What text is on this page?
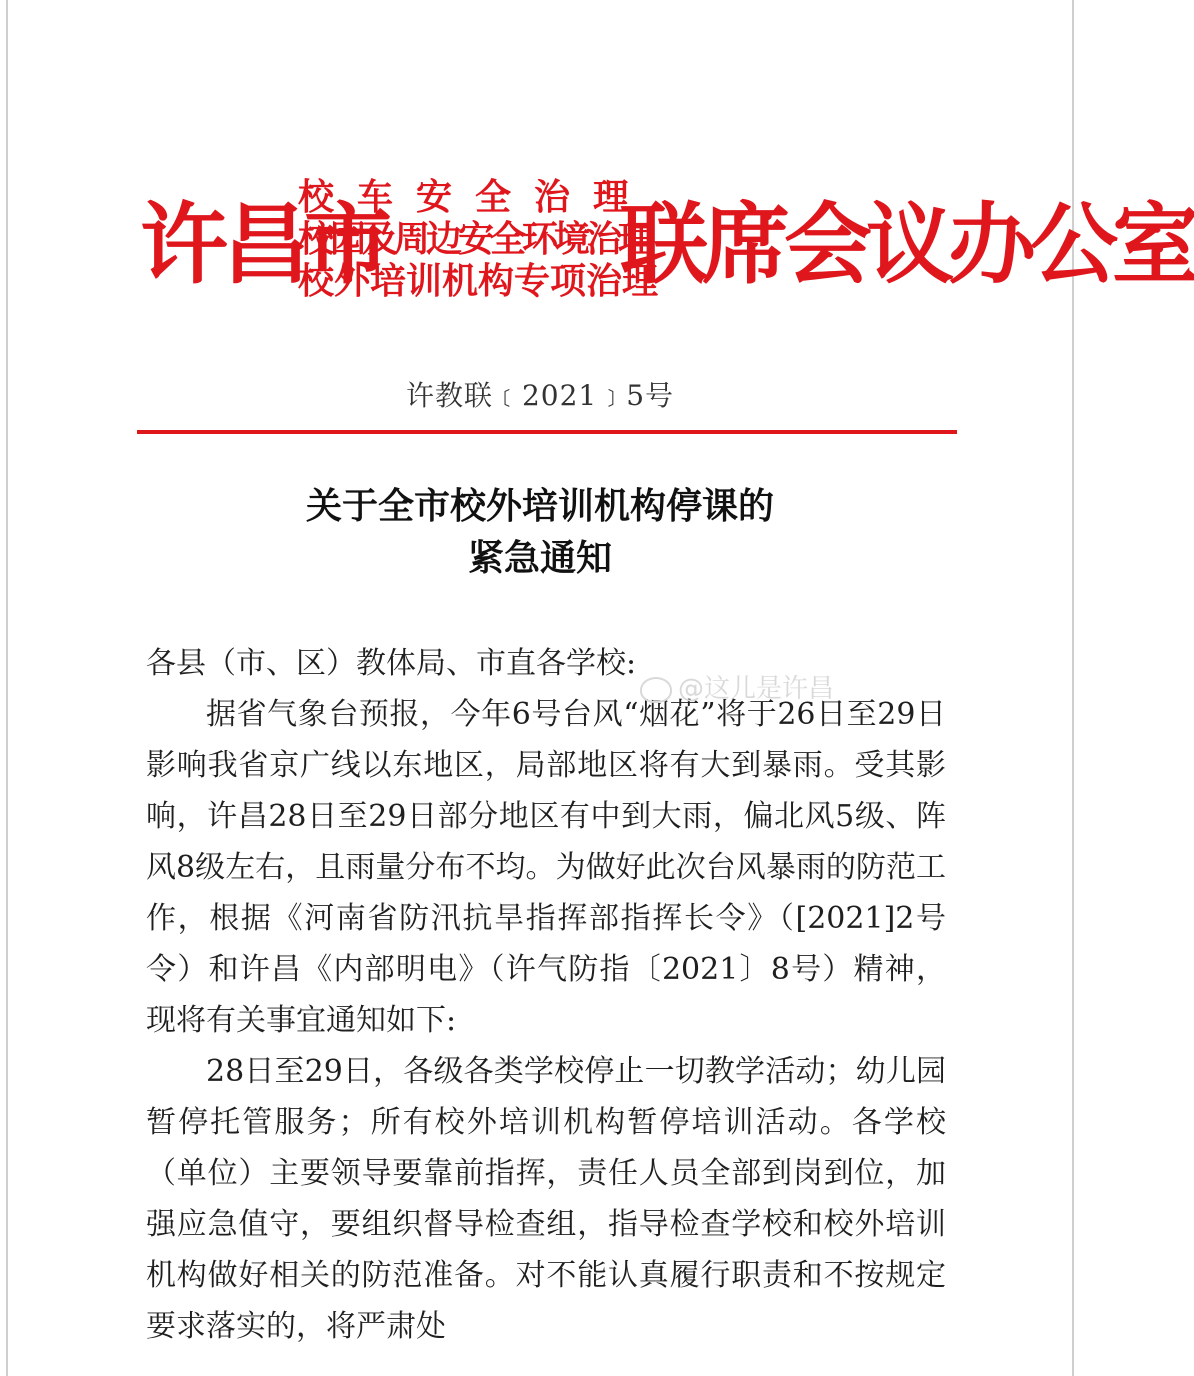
许昌市
校车安全治理
校园及周边安全环境治理
校外培训机构专项治理
联席会议办公室
许教联﹝2021﹞5号
关于全市校外培训机构停课的
紧急通知

各县（市、区）教体局、市直各学校:

据省气象台预报，今年6号台风“烟花”将于26日至29日影响我省京广线以东地区，局部地区将有大到暴雨。受其影响，许昌28日至29日部分地区有中到大雨，偏北风5级、阵风8级左右，且雨量分布不均。为做好此次台风暴雨的防范工作，根据《河南省防汛抗旱指挥部指挥长令》（[2021]2号令）和许昌《内部明电》（许气防指〔2021〕8号）精神，现将有关事宜通知如下:

28日至29日，各级各类学校停止一切教学活动；幼儿园暂停托管服务；所有校外培训机构暂停培训活动。各学校（单位）主要领导要靠前指挥，责任人员全部到岗到位，加强应急值守，要组织督导检查组，指导检查学校和校外培训机构做好相关的防范准备。对不能认真履行职责和不按规定要求落实的，将严肃处

@这儿是许昌
